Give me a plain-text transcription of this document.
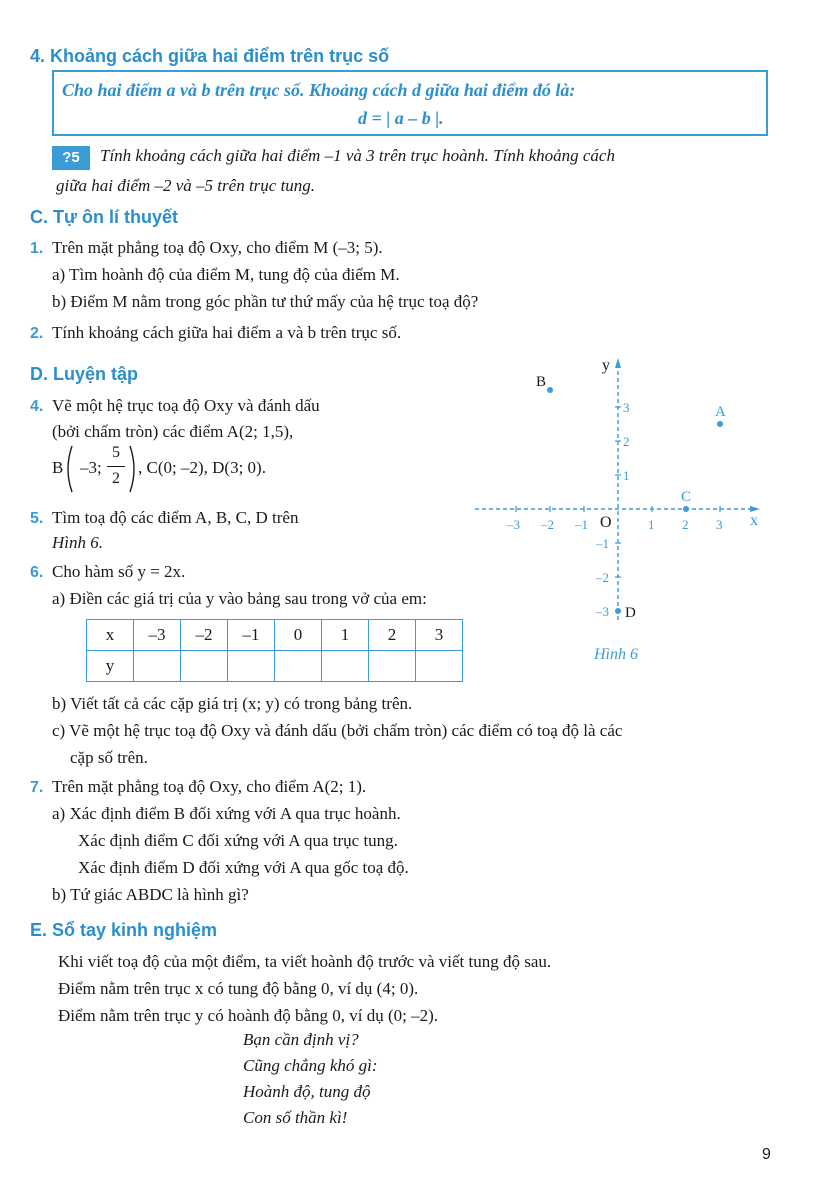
4. Khoảng cách giữa hai điểm trên trục số
Cho hai điểm a và b trên trục số. Khoảng cách d giữa hai điểm đó là:
d = | a – b |.
?5	Tính khoảng cách giữa hai điểm –1 và 3 trên trục hoành. Tính khoảng cách
giữa hai điểm –2 và –5 trên trục tung.
C. Tự ôn lí thuyết
1. Trên mặt phẳng toạ độ Oxy, cho điểm M (–3; 5).
a) Tìm hoành độ của điểm M, tung độ của điểm M.
b) Điểm M nằm trong góc phần tư thứ mấy của hệ trục toạ độ?
2. Tính khoảng cách giữa hai điểm a và b trên trục số.
D. Luyện tập
4. Vẽ một hệ trục toạ độ Oxy và đánh dấu
(bởi chấm tròn) các điểm A(2; 1,5),
B –3;
5
2
, C(0; –2), D(3; 0).
5. Tìm toạ độ các điểm A, B, C, D trên
Hình 6.
6. Cho hàm số y = 2x.
a) Điền các giá trị của y vào bảng sau trong vở của em:
x	–3	–2	–1	0	1	2	3
y							
b) Viết tất cả các cặp giá trị (x; y) có trong bảng trên.
c) Vẽ một hệ trục toạ độ Oxy và đánh dấu (bởi chấm tròn) các điểm có toạ độ là các
cặp số trên.
7. Trên mặt phẳng toạ độ Oxy, cho điểm A(2; 1).
a) Xác định điểm B đối xứng với A qua trục hoành.
Xác định điểm C đối xứng với A qua trục tung.
Xác định điểm D đối xứng với A qua gốc toạ độ.
b) Tứ giác ABDC là hình gì?
–3 –2 –1	1 2 3
1
2
3
–1
–2
–3
A
B
C
D
y
x
O
Hình 6
E. Sổ tay kinh nghiệm
Khi viết toạ độ của một điểm, ta viết hoành độ trước và viết tung độ sau.
Điểm nằm trên trục x có tung độ bằng 0, ví dụ (4; 0).
Điểm nằm trên trục y có hoành độ bằng 0, ví dụ (0; –2).
Bạn cần định vị?
Cũng chẳng khó gì:
Hoành độ, tung độ
Con số thần kì!
9
